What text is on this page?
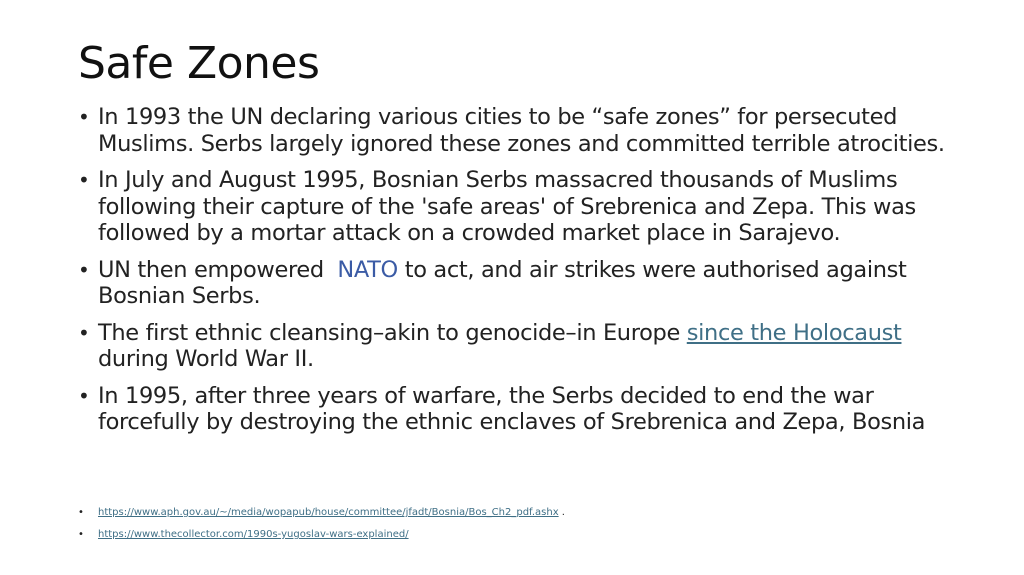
Safe Zones
• In 1993 the UN declaring various cities to be “safe zones” for persecuted Muslims. Serbs largely ignored these zones and committed terrible atrocities.
• In July and August 1995, Bosnian Serbs massacred thousands of Muslims following their capture of the 'safe areas' of Srebrenica and Zepa. This was followed by a mortar attack on a crowded market place in Sarajevo.
• UN then empowered  NATO to act, and air strikes were authorised against Bosnian Serbs.
• The first ethnic cleansing–akin to genocide–in Europe since the Holocaust during World War II.
• In 1995, after three years of warfare, the Serbs decided to end the war forcefully by destroying the ethnic enclaves of Srebrenica and Zepa, Bosnia
• https://www.aph.gov.au/~/media/wopapub/house/committee/jfadt/Bosnia/Bos_Ch2_pdf.ashx .
• https://www.thecollector.com/1990s-yugoslav-wars-explained/
